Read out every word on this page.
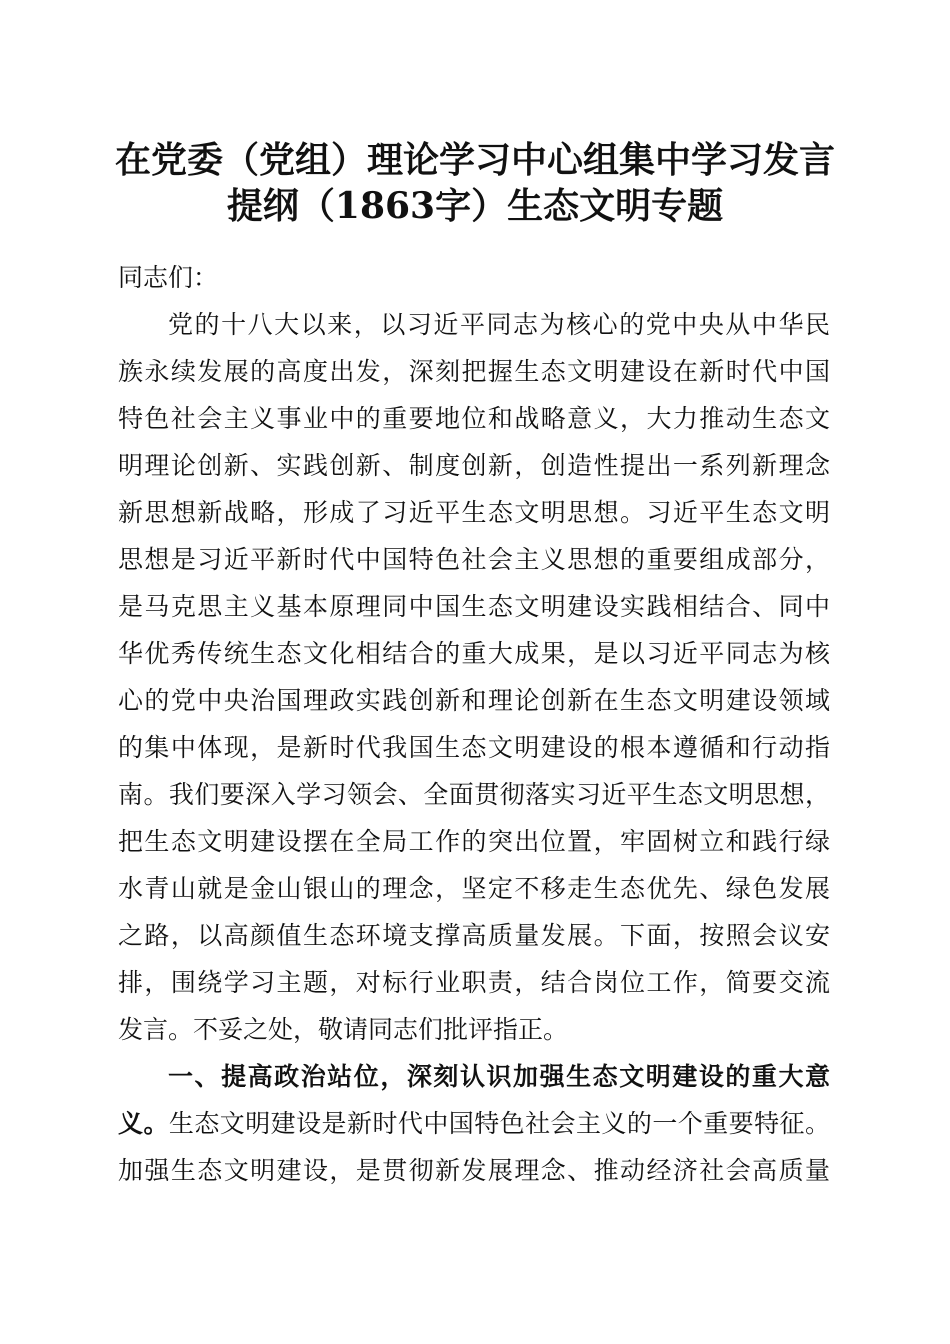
在党委（党组）理论学习中心组集中学习发言
提纲（1863字）生态文明专题

同志们：

党的十八大以来，以习近平同志为核心的党中央从中华民
族永续发展的高度出发，深刻把握生态文明建设在新时代中国
特色社会主义事业中的重要地位和战略意义，大力推动生态文
明理论创新、实践创新、制度创新，创造性提出一系列新理念
新思想新战略，形成了习近平生态文明思想。习近平生态文明
思想是习近平新时代中国特色社会主义思想的重要组成部分，
是马克思主义基本原理同中国生态文明建设实践相结合、同中
华优秀传统生态文化相结合的重大成果，是以习近平同志为核
心的党中央治国理政实践创新和理论创新在生态文明建设领域
的集中体现，是新时代我国生态文明建设的根本遵循和行动指
南。我们要深入学习领会、全面贯彻落实习近平生态文明思想，
把生态文明建设摆在全局工作的突出位置，牢固树立和践行绿
水青山就是金山银山的理念，坚定不移走生态优先、绿色发展
之路，以高颜值生态环境支撑高质量发展。下面，按照会议安
排，围绕学习主题，对标行业职责，结合岗位工作，简要交流
发言。不妥之处，敬请同志们批评指正。
一、提高政治站位，深刻认识加强生态文明建设的重大意
义。生态文明建设是新时代中国特色社会主义的一个重要特征。
加强生态文明建设，是贯彻新发展理念、推动经济社会高质量
